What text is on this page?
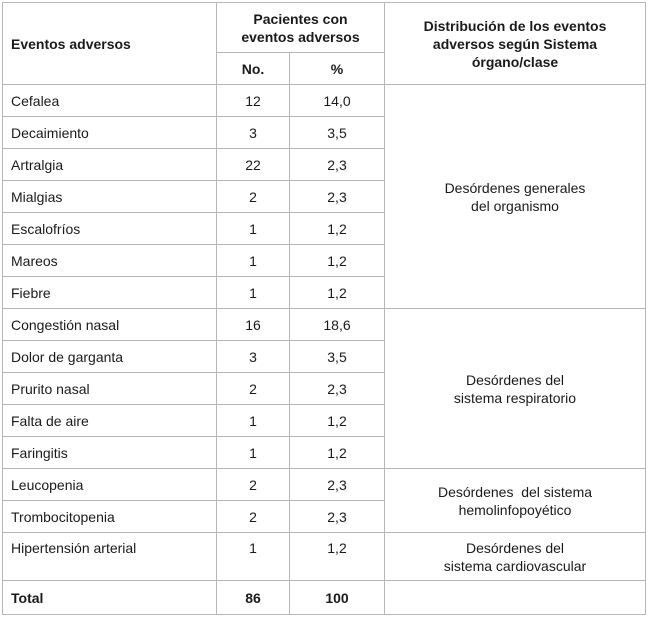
Eventos adversos	Pacientes con eventos adversos		Distribución de los eventos adversos según Sistema órgano/clase
	No.	%	
Cefalea	12	14,0	Desórdenes generales
del organismo

Decaimiento	3	3,5	
Artralgia	22	2,3	
Mialgias	2	2,3	
Escalofríos	1	1,2	
Mareos	1	1,2	
Fiebre	1	1,2	
Congestión nasal	16	18,6	Desórdenes del
sistema respiratorio

Dolor de garganta	3	3,5	
Prurito nasal	2	2,3	
Falta de aire	1	1,2	
Faringitis	1	1,2	
Leucopenia	2	2,3	Desórdenes  del sistema
hemolinfopoyético

Trombocitopenia	2	2,3	
Hipertensión arterial	1	1,2	Desórdenes del
sistema cardiovascular

Total	86	100	
